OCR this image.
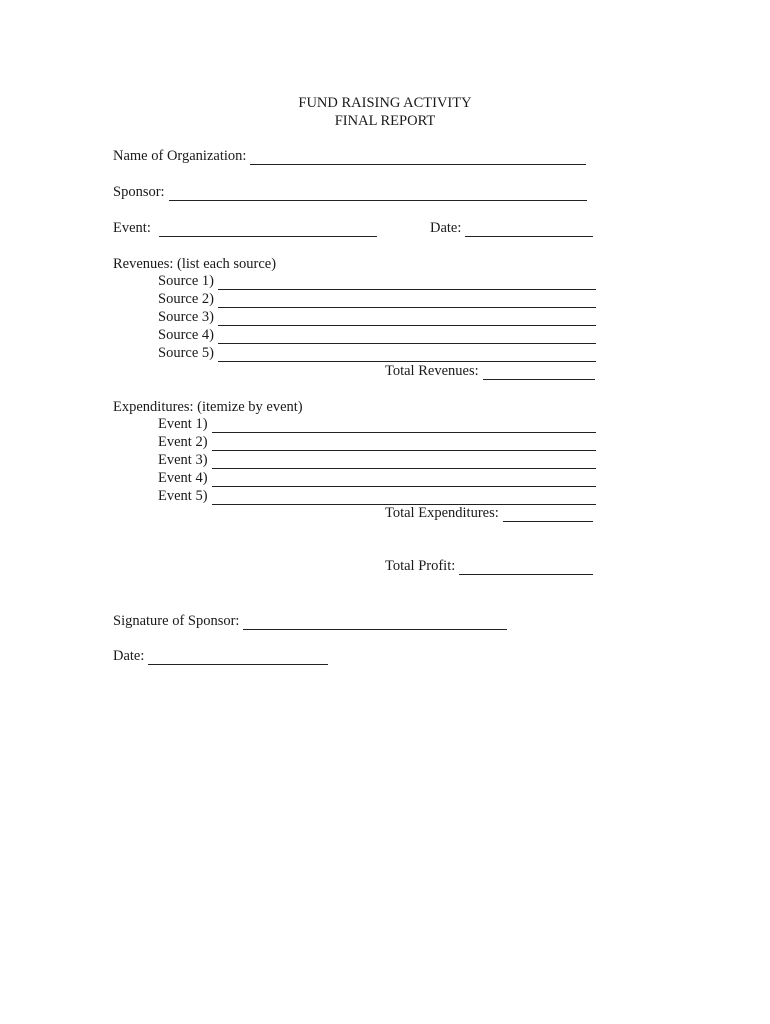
FUND RAISING ACTIVITY
FINAL REPORT
Name of Organization:
Sponsor:
Event:	Date:
Revenues: (list each source)
Source 1)
Source 2)
Source 3)
Source 4)
Source 5)
Total Revenues:
Expenditures: (itemize by event)
Event 1)
Event 2)
Event 3)
Event 4)
Event 5)
Total Expenditures:
Total Profit:
Signature of Sponsor:
Date:
